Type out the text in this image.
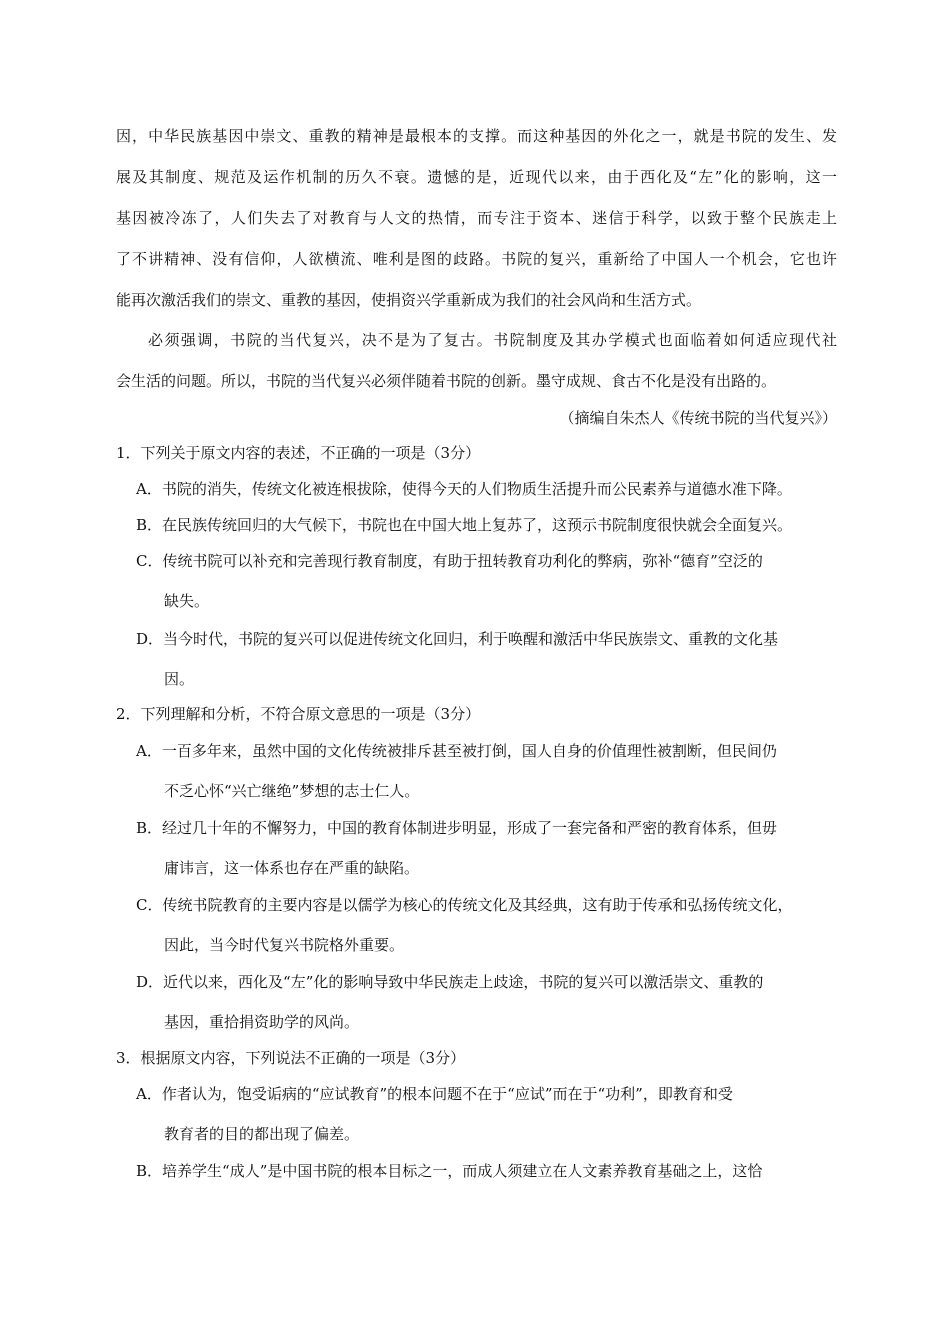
因，中华民族基因中崇文、重教的精神是最根本的支撑。而这种基因的外化之一，就是书院的发生、发
展及其制度、规范及运作机制的历久不衰。遗憾的是，近现代以来，由于西化及“左”化的影响，这一
基因被冷冻了，人们失去了对教育与人文的热情，而专注于资本、迷信于科学，以致于整个民族走上
了不讲精神、没有信仰，人欲横流、唯利是图的歧路。书院的复兴，重新给了中国人一个机会，它也许
能再次激活我们的崇文、重教的基因，使捐资兴学重新成为我们的社会风尚和生活方式。
必须强调，书院的当代复兴，决不是为了复古。书院制度及其办学模式也面临着如何适应现代社
会生活的问题。所以，书院的当代复兴必须伴随着书院的创新。墨守成规、食古不化是没有出路的。
（摘编自朱杰人《传统书院的当代复兴》）
1．下列关于原文内容的表述，不正确的一项是（3分）
A．书院的消失，传统文化被连根拔除，使得今天的人们物质生活提升而公民素养与道德水准下降。
B．在民族传统回归的大气候下，书院也在中国大地上复苏了，这预示书院制度很快就会全面复兴。
C．传统书院可以补充和完善现行教育制度，有助于扭转教育功利化的弊病，弥补“德育”空泛的
缺失。
D．当今时代，书院的复兴可以促进传统文化回归，利于唤醒和激活中华民族崇文、重教的文化基
因。
2．下列理解和分析，不符合原文意思的一项是（3分）
A．一百多年来，虽然中国的文化传统被排斥甚至被打倒，国人自身的价值理性被割断，但民间仍
不乏心怀“兴亡继绝”梦想的志士仁人。
B．经过几十年的不懈努力，中国的教育体制进步明显，形成了一套完备和严密的教育体系，但毋
庸讳言，这一体系也存在严重的缺陷。
C．传统书院教育的主要内容是以儒学为核心的传统文化及其经典，这有助于传承和弘扬传统文化，
因此，当今时代复兴书院格外重要。
D．近代以来，西化及“左”化的影响导致中华民族走上歧途，书院的复兴可以激活崇文、重教的
基因，重拾捐资助学的风尚。
3．根据原文内容，下列说法不正确的一项是（3分）
A．作者认为，饱受诟病的“应试教育”的根本问题不在于“应试”而在于“功利”，即教育和受
教育者的目的都出现了偏差。
B．培养学生“成人”是中国书院的根本目标之一，而成人须建立在人文素养教育基础之上，这恰
